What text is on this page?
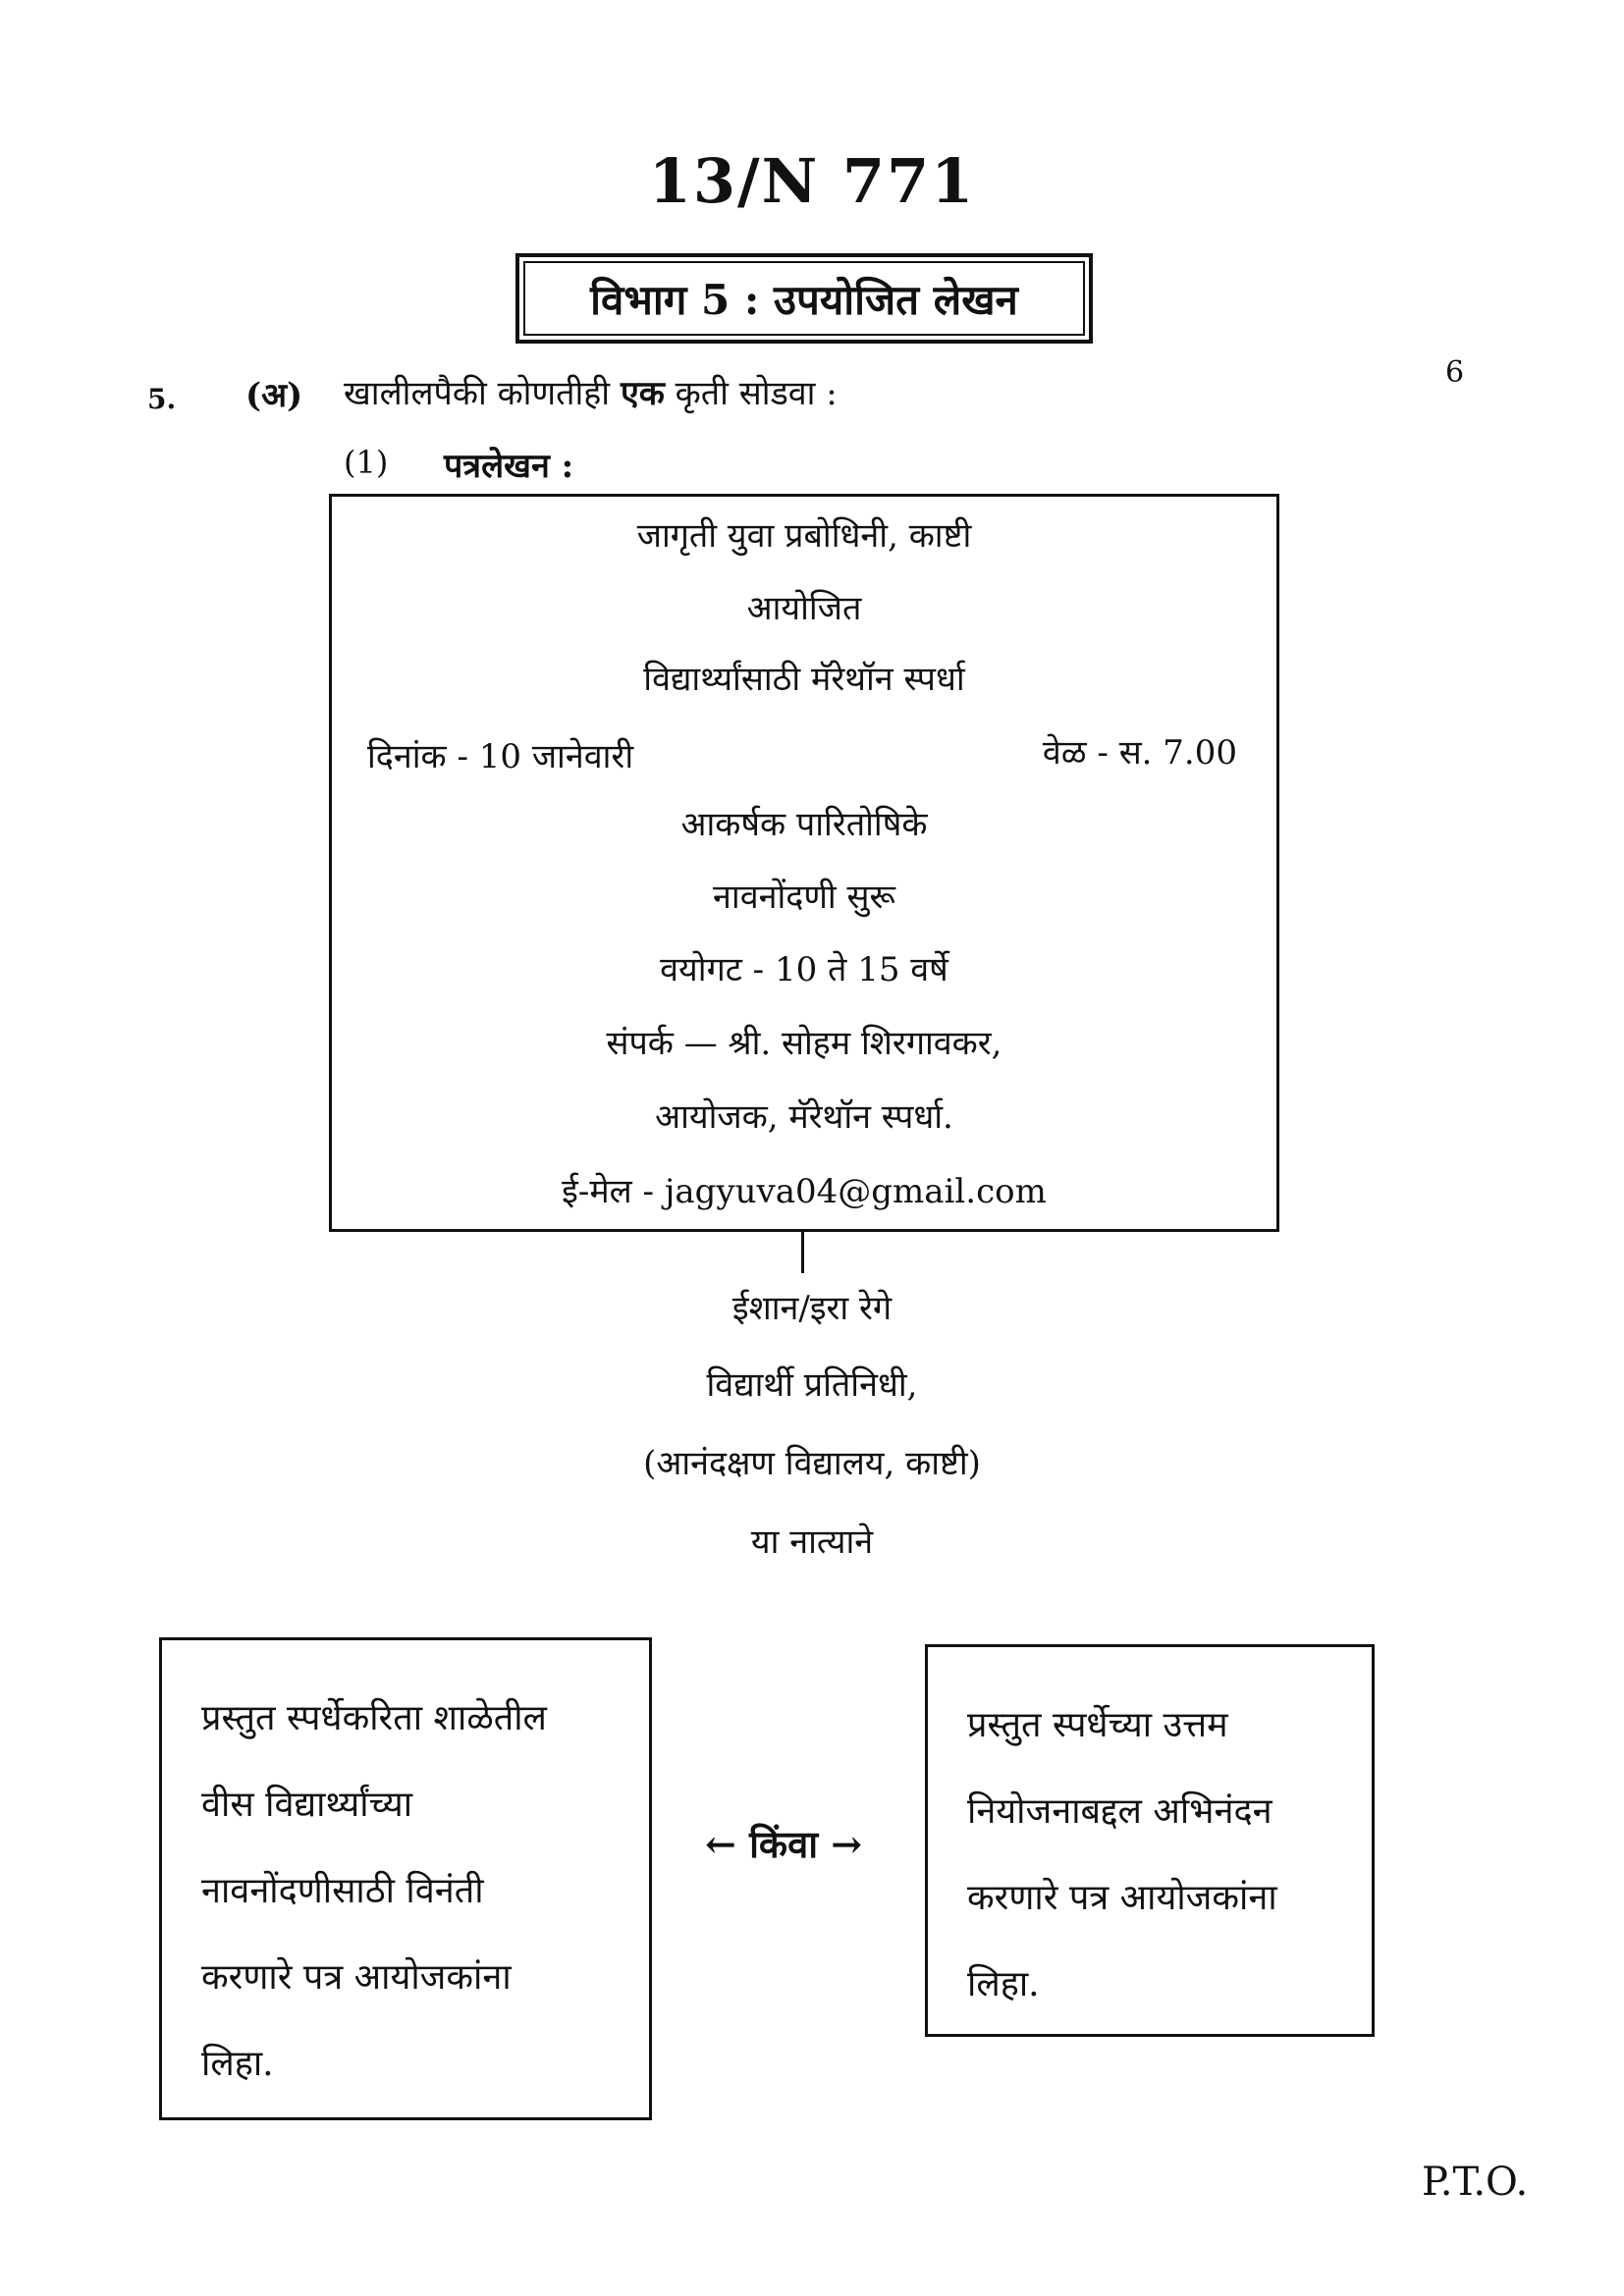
13/N 771
विभाग 5 : उपयोजित लेखन
5. (अ) खालीलपैकी कोणतीही एक कृती सोडवा :
6
(1) पत्रलेखन :
जागृती युवा प्रबोधिनी, काष्टी
आयोजित
विद्यार्थ्यांसाठी मॅरेथॉन स्पर्धा
दिनांक - 10 जानेवारी	वेळ - स. 7.00
आकर्षक पारितोषिके
नावनोंदणी सुरू
वयोगट - 10 ते 15 वर्षे
संपर्क — श्री. सोहम शिरगावकर,
आयोजक, मॅरेथॉन स्पर्धा.
ई-मेल - jagyuva04@gmail.com
ईशान/इरा रेगे
विद्यार्थी प्रतिनिधी,
(आनंदक्षण विद्यालय, काष्टी)
या नात्याने
प्रस्तुत स्पर्धेकरिता शाळेतील
वीस विद्यार्थ्यांच्या
नावनोंदणीसाठी विनंती
करणारे पत्र आयोजकांना
लिहा.
← किंवा →
प्रस्तुत स्पर्धेच्या उत्तम
नियोजनाबद्दल अभिनंदन
करणारे पत्र आयोजकांना
लिहा.
P.T.O.
